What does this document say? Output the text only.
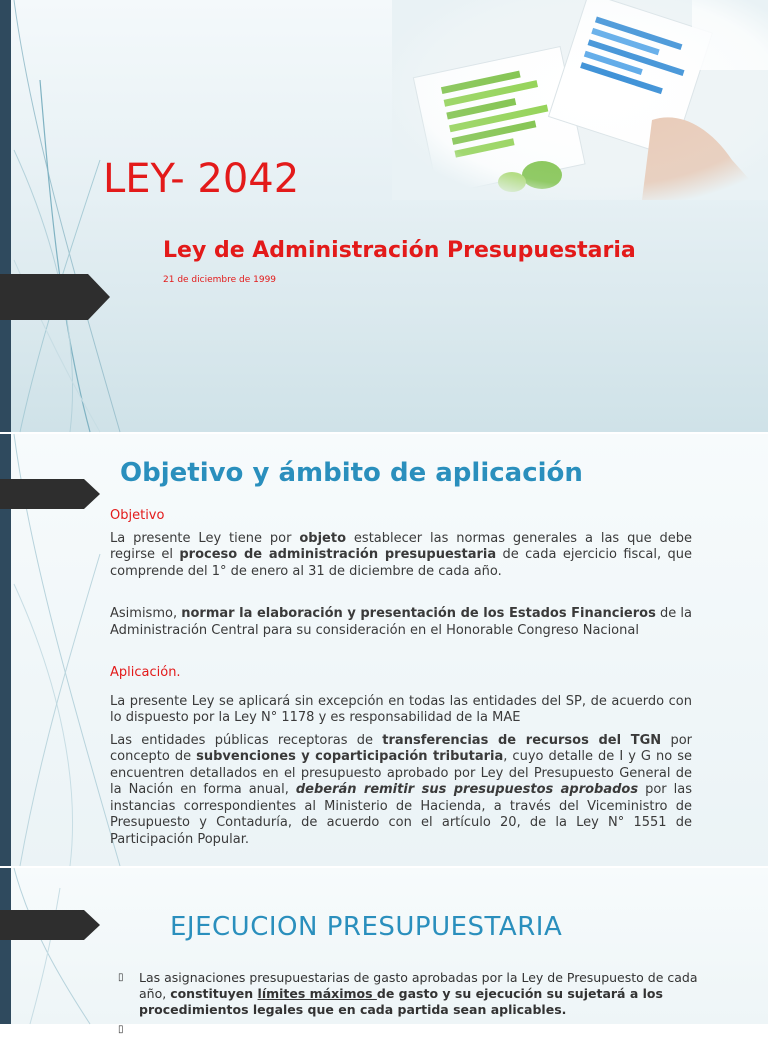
LEY- 2042
Ley de Administración Presupuestaria
21 de diciembre de 1999
Objetivo y ámbito de aplicación

Objetivo

La presente Ley tiene por objeto establecer las normas generales a las que debe regirse el proceso de administración presupuestaria de cada ejercicio fiscal, que comprende del 1° de enero al 31 de diciembre de cada año.

Asimismo, normar la elaboración y presentación de los Estados Financieros de la Administración Central para su consideración en el Honorable Congreso Nacional

Aplicación.

La presente Ley se aplicará sin excepción en todas las entidades del SP, de acuerdo con lo dispuesto por la Ley N° 1178 y es responsabilidad de la MAE

Las entidades públicas receptoras de transferencias de recursos del TGN por concepto de subvenciones y coparticipación tributaria, cuyo detalle de I y G no se encuentren detallados en el presupuesto aprobado por Ley del Presupuesto General de la Nación en forma anual, deberán remitir sus presupuestos aprobados por las instancias correspondientes al Ministerio de Hacienda, a través del Viceministro de Presupuesto y Contaduría, de acuerdo con el artículo 20, de la Ley N° 1551 de Participación Popular.

EJECUCION PRESUPUESTARIA
▯ Las asignaciones presupuestarias de gasto aprobadas por la Ley de Presupuesto de cada año, constituyen límites máximos de gasto y su ejecución su sujetará a los procedimientos legales que en cada partida sean aplicables.
▯
